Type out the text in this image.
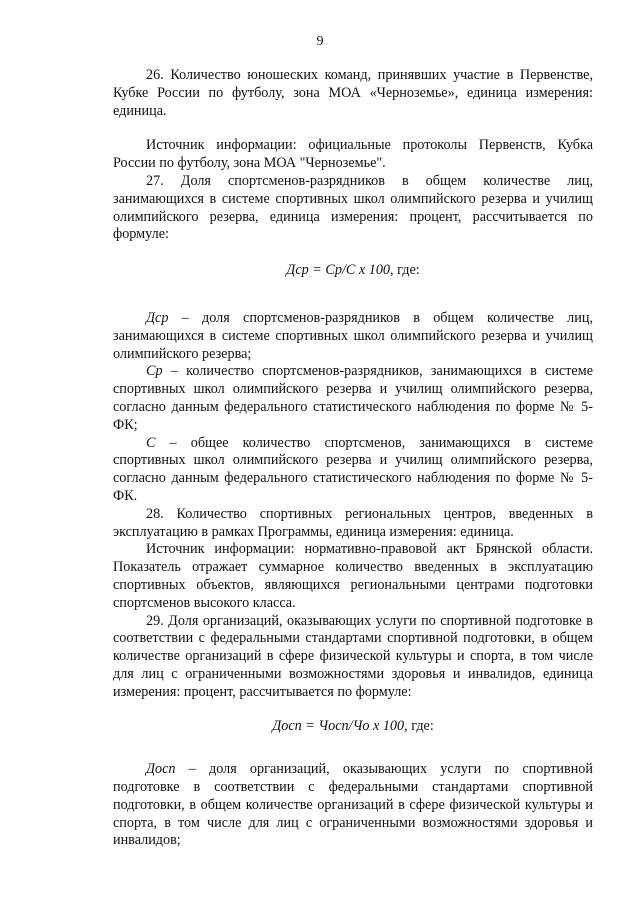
9

26. Количество юношеских команд, принявших участие в Первенстве, Кубке России по футболу, зона МОА «Черноземье», единица измерения: единица.

Источник информации: официальные протоколы Первенств, Кубка России по футболу, зона МОА "Черноземье".

27. Доля спортсменов-разрядников в общем количестве лиц, занимающихся в системе спортивных школ олимпийского резерва и училищ олимпийского резерва, единица измерения: процент, рассчитывается по формуле:

Дср = Ср/С х 100, где:

Дср – доля спортсменов-разрядников в общем количестве лиц, занимающихся в системе спортивных школ олимпийского резерва и училищ олимпийского резерва;

Ср – количество спортсменов-разрядников, занимающихся в системе спортивных школ олимпийского резерва и училищ олимпийского резерва, согласно данным федерального статистического наблюдения по форме № 5-ФК;

С – общее количество спортсменов, занимающихся в системе спортивных школ олимпийского резерва и училищ олимпийского резерва, согласно данным федерального статистического наблюдения по форме № 5-ФК.

28. Количество спортивных региональных центров, введенных в эксплуатацию в рамках Программы, единица измерения: единица.

Источник информации: нормативно-правовой акт Брянской области. Показатель отражает суммарное количество введенных в эксплуатацию спортивных объектов, являющихся региональными центрами подготовки спортсменов высокого класса.

29. Доля организаций, оказывающих услуги по спортивной подготовке в соответствии с федеральными стандартами спортивной подготовки, в общем количестве организаций в сфере физической культуры и спорта, в том числе для лиц с ограниченными возможностями здоровья и инвалидов, единица измерения: процент, рассчитывается по формуле:

Досп = Чосп/Чо х 100, где:

Досп – доля организаций, оказывающих услуги по спортивной подготовке в соответствии с федеральными стандартами спортивной подготовки, в общем количестве организаций в сфере физической культуры и спорта, в том числе для лиц с ограниченными возможностями здоровья и инвалидов;
